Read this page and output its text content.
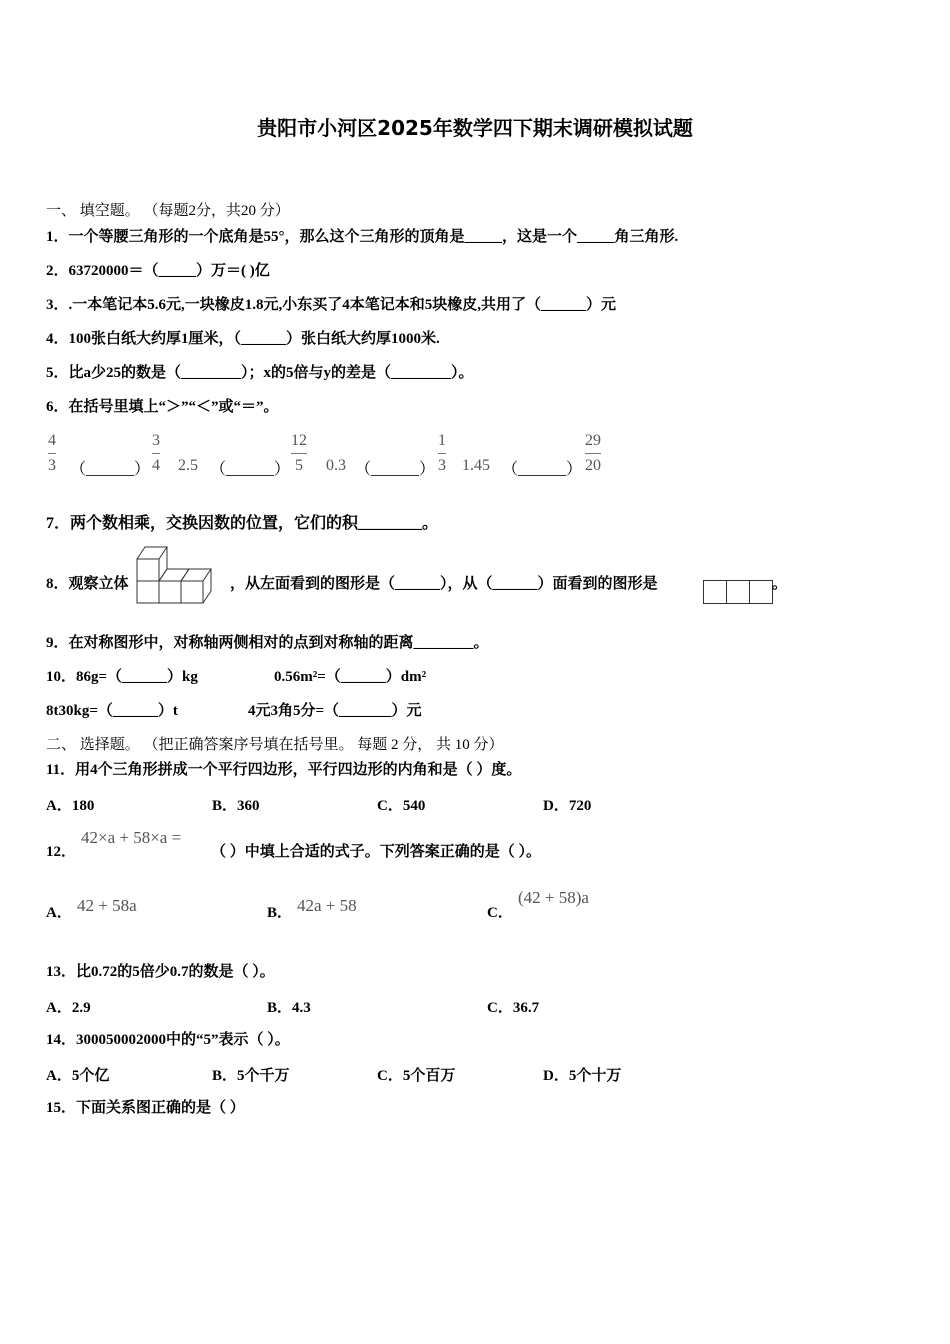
贵阳市小河区2025年数学四下期末调研模拟试题
一、 填空题。 （每题2分，共20 分）
1．一个等腰三角形的一个底角是55°，那么这个三角形的顶角是_____，这是一个_____角三角形.
2．63720000＝（_____）万＝( )亿
3．.一本笔记本5.6元,一块橡皮1.8元,小东买了4本笔记本和5块橡皮,共用了（______）元
4．100张白纸大约厚1厘米，（______）张白纸大约厚1000米.
5．比a少25的数是（________）；x的5倍与y的差是（________）。
6．在括号里填上“＞”“＜”或“＝”。
4
3 （______）
3
4 2.5 （______）
12
5 0.3 （______）
1
3 1.45 （______）
29
20
7．两个数相乘，交换因数的位置，它们的积________。
8．观察立体	，从左面看到的图形是（______），从（______）面看到的图形是	。
9．在对称图形中，对称轴两侧相对的点到对称轴的距离________。
10．86g=（______）kg	0.56m²=（______）dm²
8t30kg=（______）t	4元3角5分=（_______）元
二、 选择题。 （把正确答案序号填在括号里。 每题 2 分， 共 10 分）
11．用4个三角形拼成一个平行四边形，平行四边形的内角和是（ ）度。
A．180	B．360	C．540	D．720
12．
42×a + 58×a =
（ ）中填上合适的式子。下列答案正确的是（ ）。
A． 42 + 58a	B． 42a + 58	C．
(42 + 58)a
13．比0.72的5倍少0.7的数是（ ）。
A．2.9	B．4.3	C．36.7
14．300050002000中的“5”表示（ ）。
A．5个亿	B．5个千万	C．5个百万	D．5个十万
15．下面关系图正确的是（ ）
